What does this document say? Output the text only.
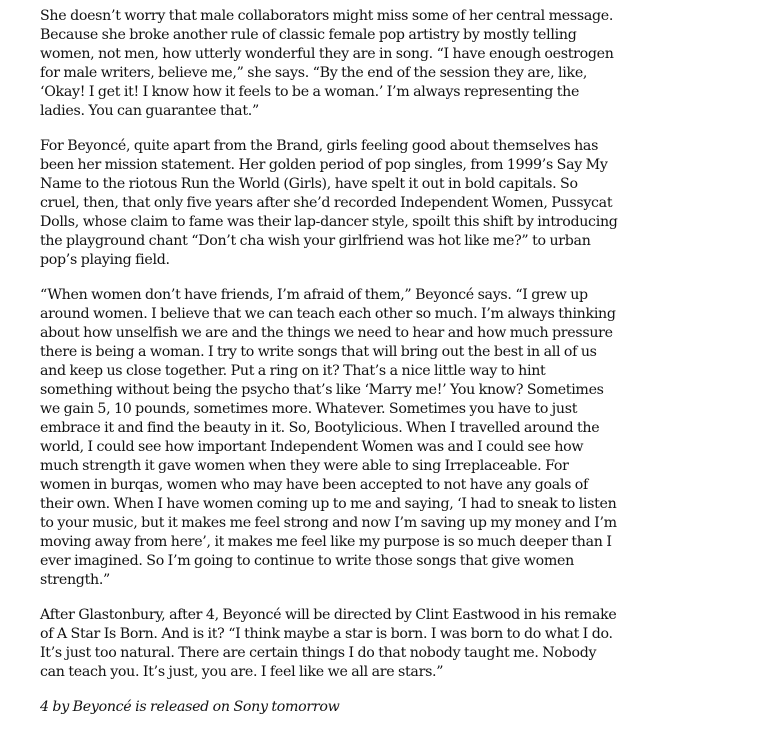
She doesn’t worry that male collaborators might miss some of her central message. Because she broke another rule of classic female pop artistry by mostly telling women, not men, how utterly wonderful they are in song. “I have enough oestrogen for male writers, believe me,” she says. “By the end of the session they are, like, ‘Okay! I get it! I know how it feels to be a woman.’ I’m always representing the ladies. You can guarantee that.”

For Beyoncé, quite apart from the Brand, girls feeling good about themselves has been her mission statement. Her golden period of pop singles, from 1999’s Say My Name to the riotous Run the World (Girls), have spelt it out in bold capitals. So cruel, then, that only five years after she’d recorded Independent Women, Pussycat Dolls, whose claim to fame was their lap-dancer style, spoilt this shift by introducing the playground chant “Don’t cha wish your girlfriend was hot like me?” to urban pop’s playing field.

“When women don’t have friends, I’m afraid of them,” Beyoncé says. “I grew up around women. I believe that we can teach each other so much. I’m always thinking about how unselfish we are and the things we need to hear and how much pressure there is being a woman. I try to write songs that will bring out the best in all of us and keep us close together. Put a ring on it? That’s a nice little way to hint something without being the psycho that’s like ‘Marry me!’ You know? Sometimes we gain 5, 10 pounds, sometimes more. Whatever. Sometimes you have to just embrace it and find the beauty in it. So, Bootylicious. When I travelled around the world, I could see how important Independent Women was and I could see how much strength it gave women when they were able to sing Irreplaceable. For women in burqas, women who may have been accepted to not have any goals of their own. When I have women coming up to me and saying, ‘I had to sneak to listen to your music, but it makes me feel strong and now I’m saving up my money and I’m moving away from here’, it makes me feel like my purpose is so much deeper than I ever imagined. So I’m going to continue to write those songs that give women strength.”

After Glastonbury, after 4, Beyoncé will be directed by Clint Eastwood in his remake of A Star Is Born. And is it? “I think maybe a star is born. I was born to do what I do. It’s just too natural. There are certain things I do that nobody taught me. Nobody can teach you. It’s just, you are. I feel like we all are stars.”

4 by Beyoncé is released on Sony tomorrow
